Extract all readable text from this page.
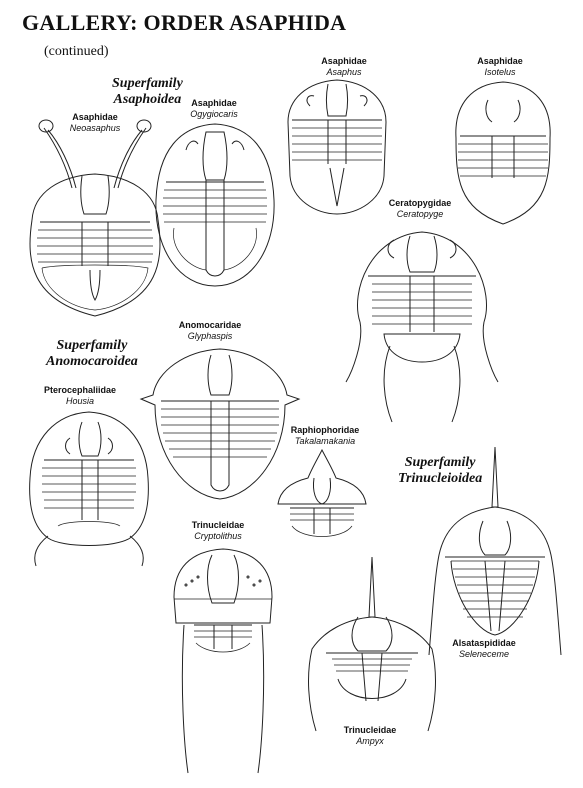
GALLERY: ORDER ASAPHIDA
(continued)
Superfamily
Asaphoidea
Superfamily
Anomocaroidea
Superfamily
Trinucleioidea
Asaphidae
Neoasaphus
Asaphidae
Ogygiocaris
Asaphidae
Asaphus
Asaphidae
Isotelus
Ceratopygidae
Ceratopyge
Anomocaridae
Glyphaspis
Pterocephaliidae
Housia
Raphiophoridae
Takalamakania
Trinucleidae
Cryptolithus
Alsataspididae
Seleneceme
Trinucleidae
Ampyx
